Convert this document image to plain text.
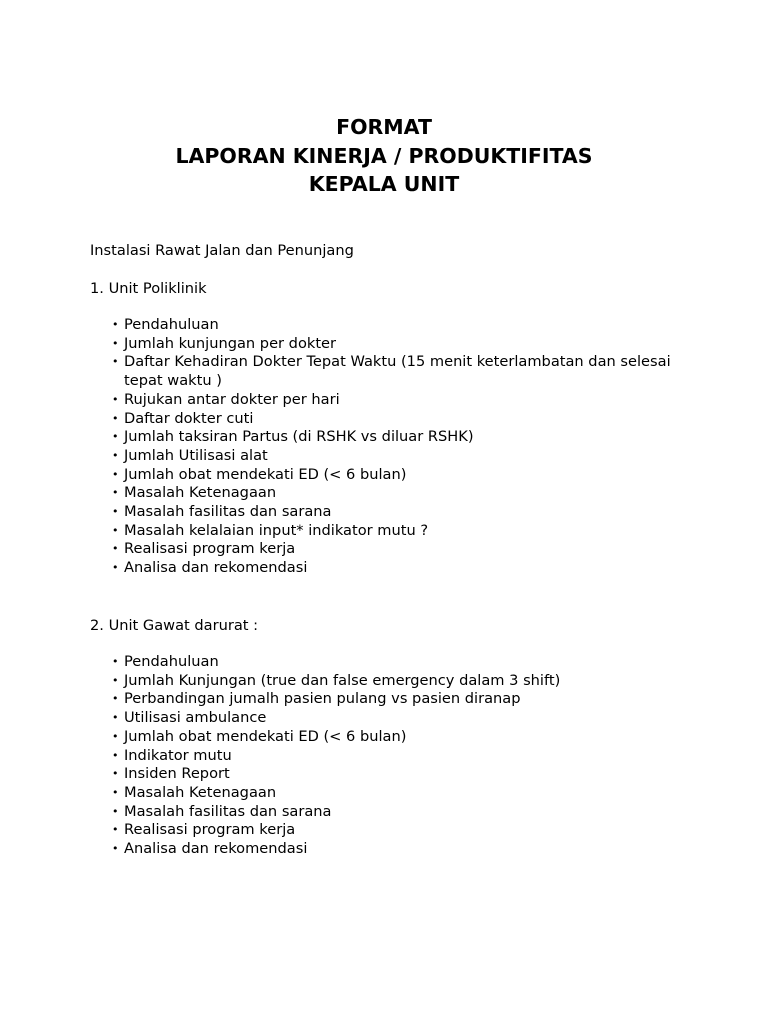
FORMAT
LAPORAN KINERJA / PRODUKTIFITAS
KEPALA UNIT
Instalasi Rawat Jalan dan Penunjang
1. Unit Poliklinik
• Pendahuluan
• Jumlah kunjungan per dokter
• Daftar Kehadiran Dokter Tepat Waktu (15 menit keterlambatan dan selesai tepat waktu )
• Rujukan antar dokter per hari
• Daftar dokter cuti
• Jumlah taksiran Partus (di RSHK vs diluar RSHK)
• Jumlah Utilisasi alat
• Jumlah obat mendekati ED (< 6 bulan)
• Masalah Ketenagaan
• Masalah fasilitas dan sarana
• Masalah kelalaian input* indikator mutu ?
• Realisasi program kerja
• Analisa dan rekomendasi
2. Unit Gawat darurat :
• Pendahuluan
• Jumlah Kunjungan (true dan false emergency dalam 3 shift)
• Perbandingan jumalh pasien pulang vs pasien diranap
• Utilisasi ambulance
• Jumlah obat mendekati ED (< 6 bulan)
• Indikator mutu
• Insiden Report
• Masalah Ketenagaan
• Masalah fasilitas dan sarana
• Realisasi program kerja
• Analisa dan rekomendasi
